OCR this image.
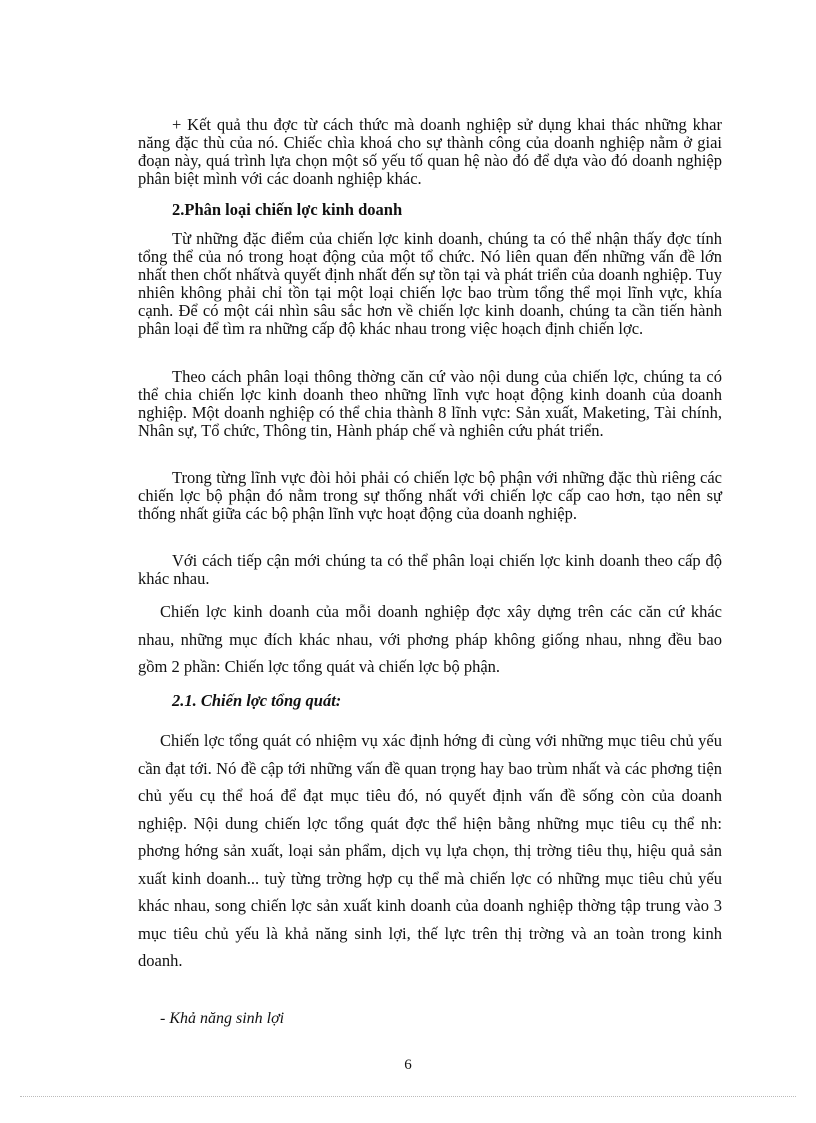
+ Kết quả thu đợc từ cách thức mà doanh nghiệp sử dụng khai thác những khar năng đặc thù của nó. Chiếc chìa khoá cho sự thành công của doanh nghiệp nằm ở giai đoạn này, quá trình lựa chọn một số yếu tố quan hệ nào đó để dựa vào đó doanh nghiệp phân biệt mình với các doanh nghiệp khác.

2.Phân loại chiến lợc kinh doanh

Từ những đặc điểm của chiến lợc kinh doanh, chúng ta có thể nhận thấy đợc tính tổng thể của nó trong hoạt động của một tổ chức. Nó liên quan đến những vấn đề lớn nhất then chốt nhấtvà quyết định nhất đến sự tồn tại và phát triển của doanh nghiệp. Tuy nhiên không phải chỉ tồn tại một loại chiến lợc bao trùm tổng thể mọi lĩnh vực, khía cạnh. Để có một cái nhìn sâu sắc hơn về chiến lợc kinh doanh, chúng ta cần tiến hành phân loại để tìm ra những cấp độ khác nhau trong việc hoạch định chiến lợc.

Theo cách phân loại thông thờng căn cứ vào nội dung của chiến lợc, chúng ta có thể chia chiến lợc kinh doanh theo những lĩnh vực hoạt động kinh doanh của doanh nghiệp. Một doanh nghiệp có thể chia thành 8 lĩnh vực: Sản xuất, Maketing, Tài chính, Nhân sự, Tổ chức, Thông tin, Hành pháp chế và nghiên cứu phát triển.

Trong từng lĩnh vực đòi hỏi phải có chiến lợc bộ phận với những đặc thù riêng các chiến lợc bộ phận đó nằm trong sự thống nhất với chiến lợc cấp cao hơn, tạo nên sự thống nhất giữa các bộ phận lĩnh vực hoạt động của doanh nghiệp.

Với cách tiếp cận mới chúng ta có thể phân loại chiến lợc kinh doanh theo cấp độ khác nhau.

Chiến lợc kinh doanh của mỗi doanh nghiệp đợc xây dựng trên các căn cứ khác nhau, những mục đích khác nhau, với phơng pháp không giống nhau, nhng đều bao gồm 2 phần: Chiến lợc tổng quát và chiến lợc bộ phận.

2.1. Chiến lợc tổng quát:

Chiến lợc tổng quát có nhiệm vụ xác định hớng đi cùng với những mục tiêu chủ yếu cần đạt tới. Nó đề cập tới những vấn đề quan trọng hay bao trùm nhất và các phơng tiện chủ yếu cụ thể hoá để đạt mục tiêu đó, nó quyết định vấn đề sống còn của doanh nghiệp. Nội dung chiến lợc tổng quát đợc thể hiện bằng những mục tiêu cụ thể nh: phơng hớng sản xuất, loại sản phẩm, dịch vụ lựa chọn, thị trờng tiêu thụ, hiệu quả sản xuất kinh doanh... tuỳ từng trờng hợp cụ thể mà chiến lợc có những mục tiêu chủ yếu khác nhau, song chiến lợc sản xuất kinh doanh của doanh nghiệp thờng tập trung vào 3 mục tiêu chủ yếu là khả năng sinh lợi, thế lực trên thị trờng và an toàn trong kinh doanh.

- Khả năng sinh lợi

6
